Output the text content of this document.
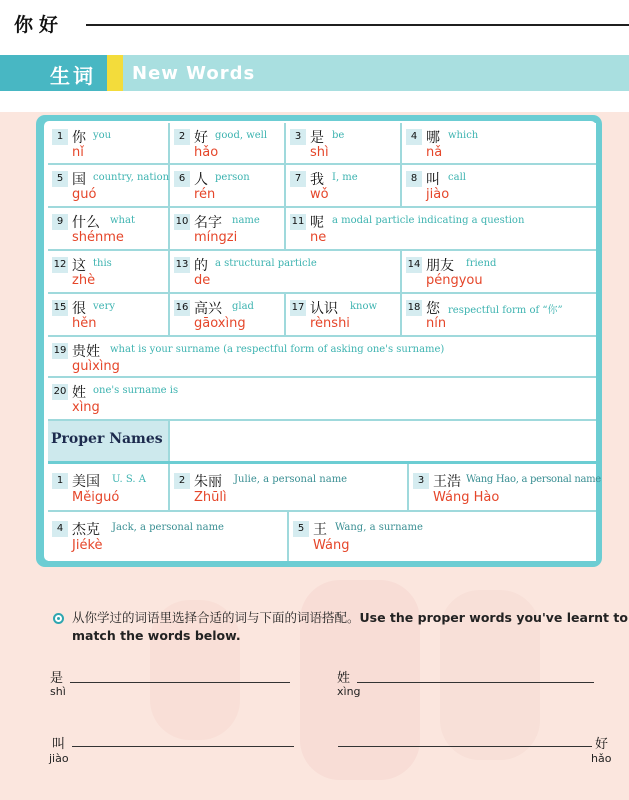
你好
生词 New Words
1 你 you
nǐ
2 好 good, well
hǎo
3 是 be
shì
4 哪 which
nǎ
5 国 country, nation
guó
6 人 person
rén
7 我 I, me
wǒ
8 叫 call
jiào
9 什么 what
shénme
10 名字 name
míngzi
11 呢 a modal particle indicating a question
ne
12 这 this
zhè
13 的 a structural particle
de
14 朋友 friend
péngyou
15 很 very
hěn
16 高兴 glad
gāoxìng
17 认识 know
rènshi
18 您 respectful form of “你”
nín
19 贵姓 what is your surname (a respectful form of asking one's surname)
guìxìng
20 姓 one's surname is
xìng
Proper Names
1 美国 U. S. A
Měiguó
2 朱丽 Julie, a personal name
Zhūlì
3 王浩 Wang Hao, a personal name
Wáng Hào
4 杰克 Jack, a personal name
Jiékè
5 王 Wang, a surname
Wáng
从你学过的词语里选择合适的词与下面的词语搭配。Use the proper words you've learnt to match the words below.
是
shì
姓
xìng
叫
jiào
好
hǎo
